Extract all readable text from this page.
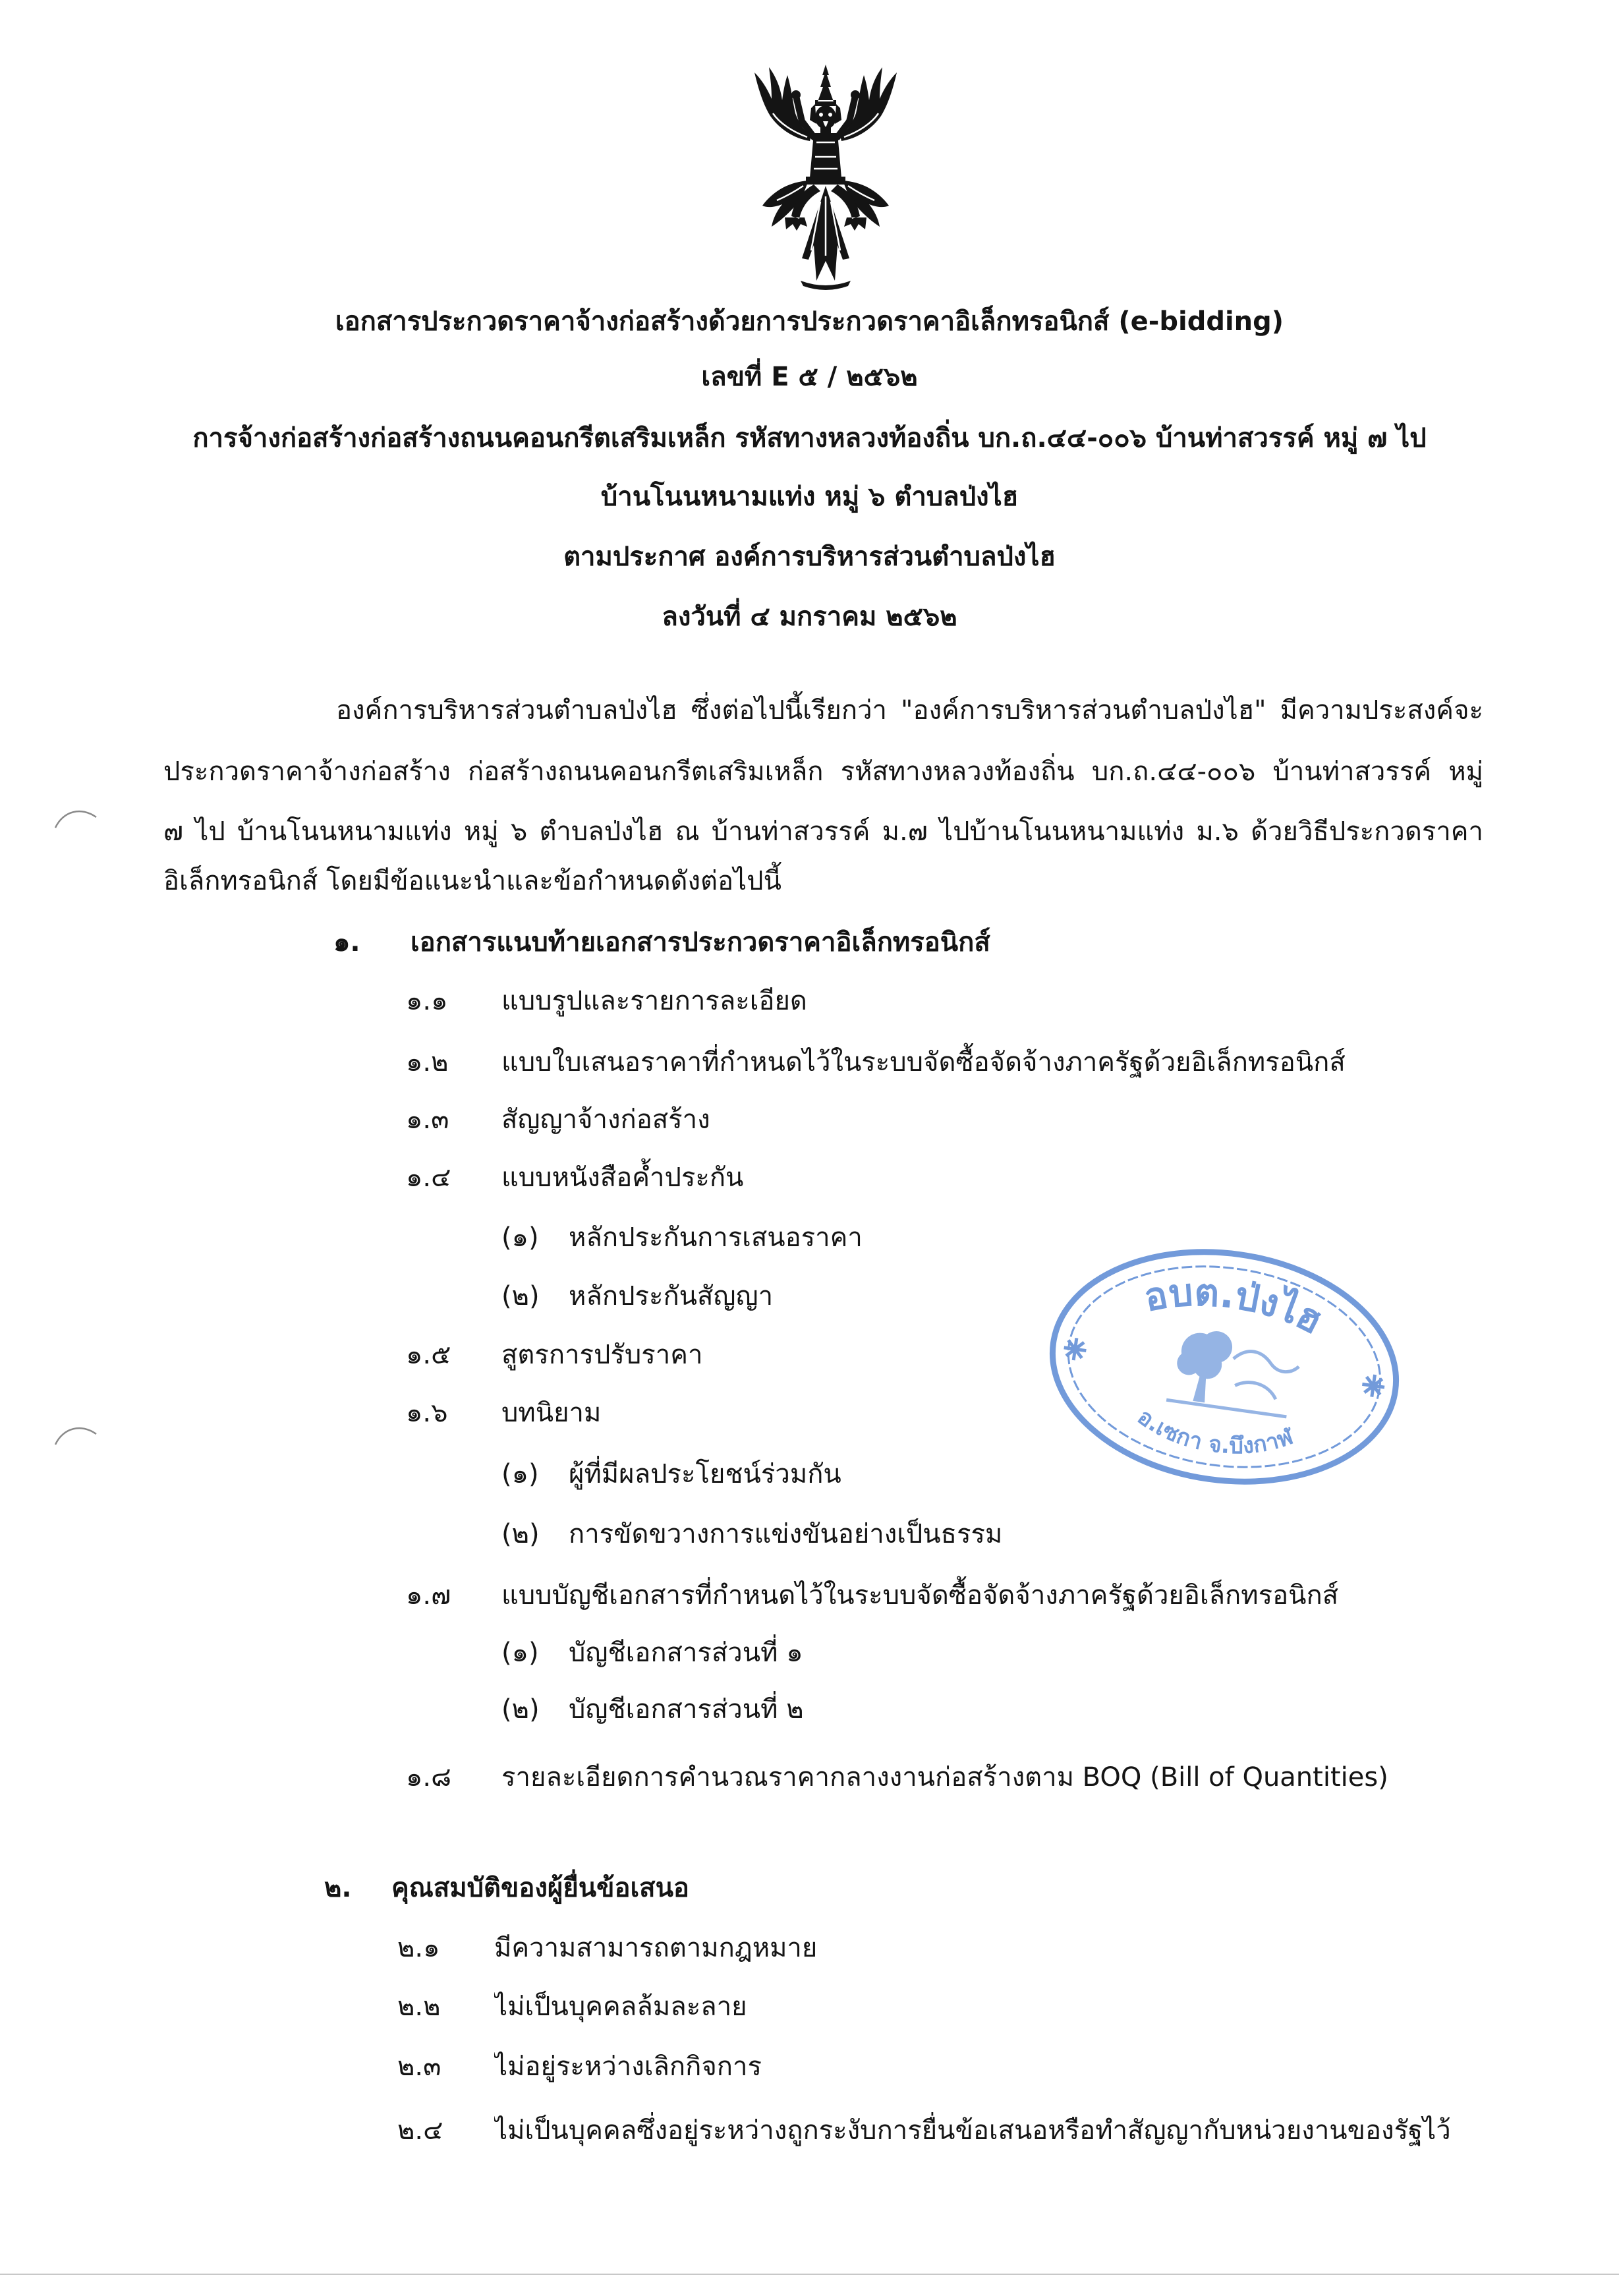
เอกสารประกวดราคาจ้างก่อสร้างด้วยการประกวดราคาอิเล็กทรอนิกส์ (e-bidding)
เลขที่ E ๕ / ๒๕๖๒
การจ้างก่อสร้างก่อสร้างถนนคอนกรีตเสริมเหล็ก รหัสทางหลวงท้องถิ่น บก.ถ.๔๔-๐๐๖ บ้านท่าสวรรค์ หมู่ ๗ ไป
บ้านโนนหนามแท่ง หมู่ ๖ ตำบลป่งไฮ
ตามประกาศ องค์การบริหารส่วนตำบลป่งไฮ
ลงวันที่ ๔ มกราคม ๒๕๖๒
องค์การบริหารส่วนตำบลป่งไฮ ซึ่งต่อไปนี้เรียกว่า "องค์การบริหารส่วนตำบลป่งไฮ" มีความประสงค์จะ
ประกวดราคาจ้างก่อสร้าง ก่อสร้างถนนคอนกรีตเสริมเหล็ก รหัสทางหลวงท้องถิ่น บก.ถ.๔๔-๐๐๖ บ้านท่าสวรรค์ หมู่
๗ ไป บ้านโนนหนามแท่ง หมู่ ๖ ตำบลป่งไฮ ณ บ้านท่าสวรรค์ ม.๗ ไปบ้านโนนหนามแท่ง ม.๖ ด้วยวิธีประกวดราคา
อิเล็กทรอนิกส์ โดยมีข้อแนะนำและข้อกำหนดดังต่อไปนี้
๑. เอกสารแนบท้ายเอกสารประกวดราคาอิเล็กทรอนิกส์
๑.๑ แบบรูปและรายการละเอียด
๑.๒ แบบใบเสนอราคาที่กำหนดไว้ในระบบจัดซื้อจัดจ้างภาครัฐด้วยอิเล็กทรอนิกส์
๑.๓ สัญญาจ้างก่อสร้าง
๑.๔ แบบหนังสือค้ำประกัน
(๑) หลักประกันการเสนอราคา
(๒) หลักประกันสัญญา
๑.๕ สูตรการปรับราคา
๑.๖ บทนิยาม
(๑) ผู้ที่มีผลประโยชน์ร่วมกัน
(๒) การขัดขวางการแข่งขันอย่างเป็นธรรม
๑.๗ แบบบัญชีเอกสารที่กำหนดไว้ในระบบจัดซื้อจัดจ้างภาครัฐด้วยอิเล็กทรอนิกส์
(๑) บัญชีเอกสารส่วนที่ ๑
(๒) บัญชีเอกสารส่วนที่ ๒
๑.๘ รายละเอียดการคำนวณราคากลางงานก่อสร้างตาม BOQ (Bill of Quantities)
๒. คุณสมบัติของผู้ยื่นข้อเสนอ
๒.๑ มีความสามารถตามกฎหมาย
๒.๒ ไม่เป็นบุคคลล้มละลาย
๒.๓ ไม่อยู่ระหว่างเลิกกิจการ
๒.๔ ไม่เป็นบุคคลซึ่งอยู่ระหว่างถูกระงับการยื่นข้อเสนอหรือทำสัญญากับหน่วยงานของรัฐไว้
อบต.ป่งไฮ
อ.เซกา จ.บึงกาฬ
